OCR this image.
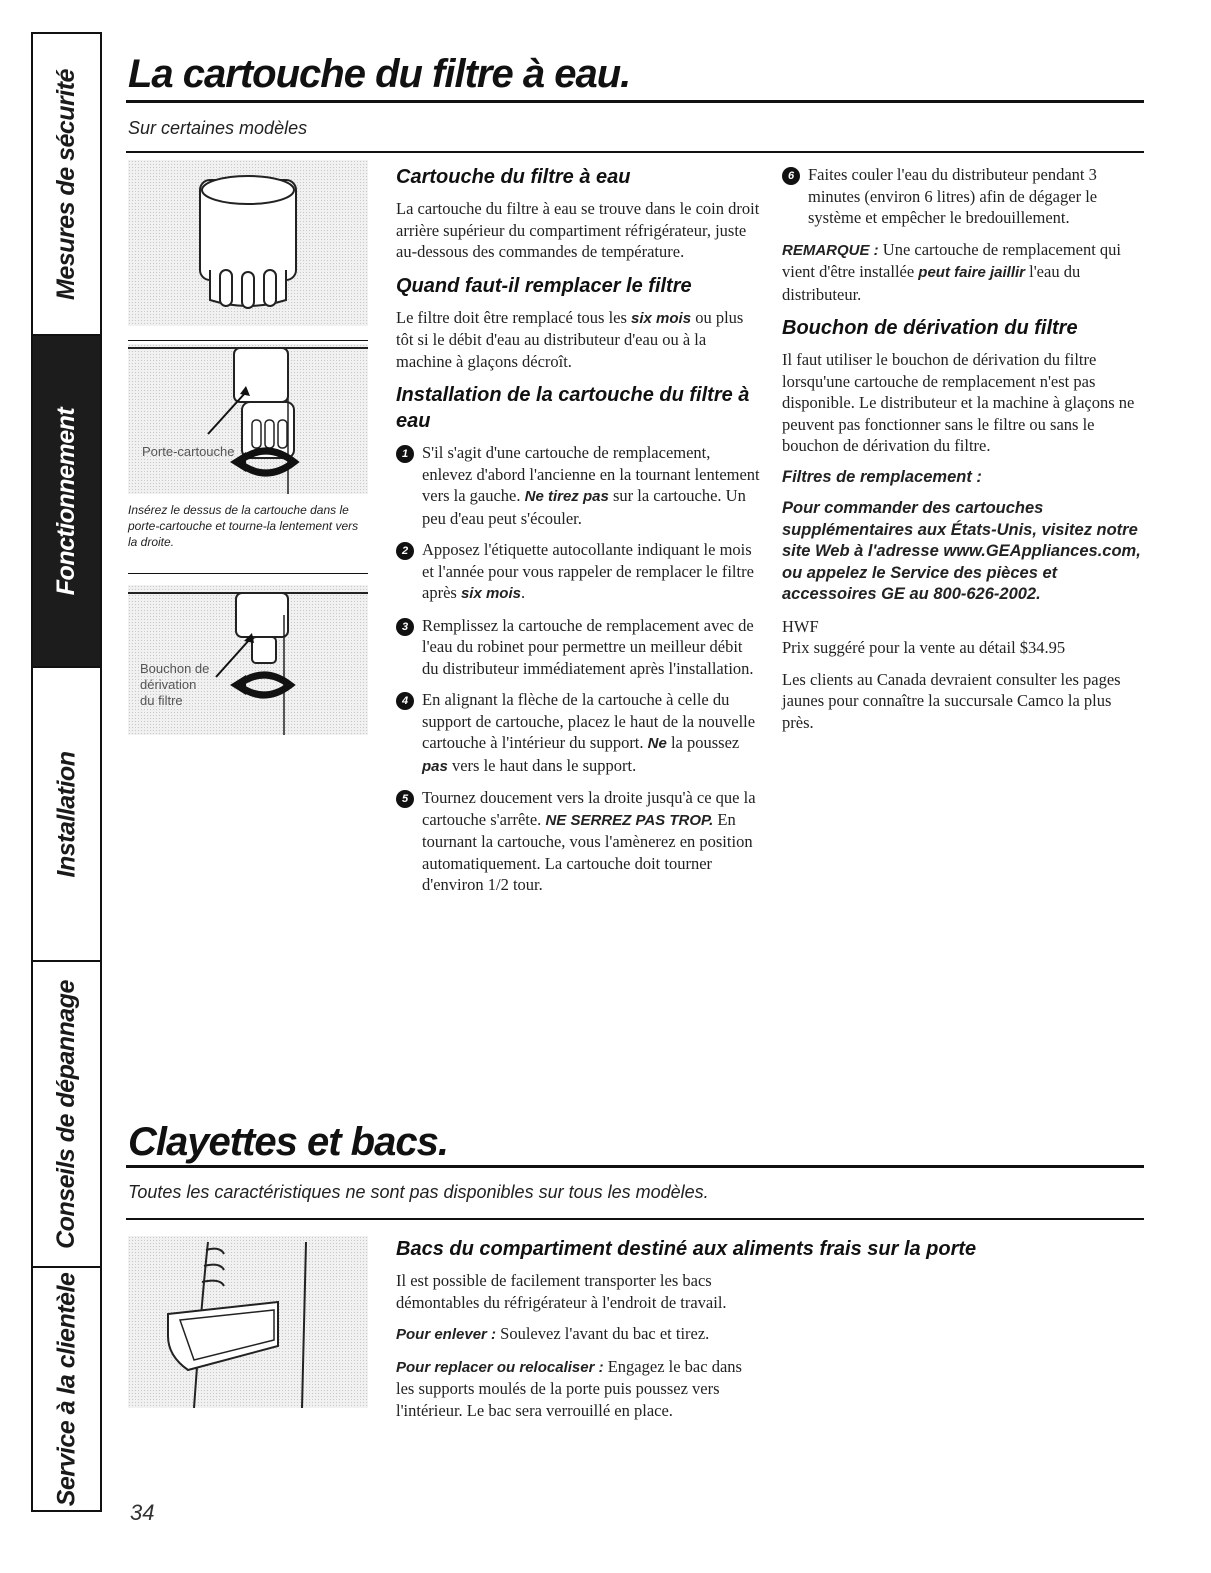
Mesures de sécurité
Fonctionnement
Installation
Conseils de dépannage
Service à la clientèle
La cartouche du filtre à eau.

Sur certaines modèles

Porte-cartouche
Insérez le dessus de la cartouche dans le porte-cartouche et tourne-la lentement vers la droite.
Bouchon de
dérivation
du filtre
Cartouche du filtre à eau

La cartouche du filtre à eau se trouve dans le coin droit arrière supérieur du compartiment réfrigérateur, juste au-dessous des commandes de température.

Quand faut-il remplacer le filtre

Le filtre doit être remplacé tous les six mois ou plus tôt si le débit d'eau au distributeur d'eau ou à la machine à glaçons décroît.

Installation de la cartouche du filtre à eau
1 S'il s'agit d'une cartouche de remplacement, enlevez d'abord l'ancienne en la tournant lentement vers la gauche. Ne tirez pas sur la cartouche. Un peu d'eau peut s'écouler.
2 Apposez l'étiquette autocollante indiquant le mois et l'année pour vous rappeler de remplacer le filtre après six mois.
3 Remplissez la cartouche de remplacement avec de l'eau du robinet pour permettre un meilleur débit du distributeur immédiatement après l'installation.
4 En alignant la flèche de la cartouche à celle du support de cartouche, placez le haut de la nouvelle cartouche à l'intérieur du support. Ne la poussez pas vers le haut dans le support.
5 Tournez doucement vers la droite jusqu'à ce que la cartouche s'arrête. NE SERREZ PAS TROP. En tournant la cartouche, vous l'amènerez en position automatiquement. La cartouche doit tourner d'environ 1/2 tour.
6 Faites couler l'eau du distributeur pendant 3 minutes (environ 6 litres) afin de dégager le système et empêcher le bredouillement.

REMARQUE : Une cartouche de remplacement qui vient d'être installée peut faire jaillir l'eau du distributeur.

Bouchon de dérivation du filtre

Il faut utiliser le bouchon de dérivation du filtre lorsqu'une cartouche de remplacement n'est pas disponible. Le distributeur et la machine à glaçons ne peuvent pas fonctionner sans le filtre ou sans le bouchon de dérivation du filtre.

Filtres de remplacement :

Pour commander des cartouches supplémentaires aux États-Unis, visitez notre site Web à l'adresse www.GEAppliances.com, ou appelez le Service des pièces et accessoires GE au 800-626-2002.

HWF

Prix suggéré pour la vente au détail $34.95

Les clients au Canada devraient consulter les pages jaunes pour connaître la succursale Camco la plus près.

Clayettes et bacs.

Toutes les caractéristiques ne sont pas disponibles sur tous les modèles.

Bacs du compartiment destiné aux aliments frais sur la porte

Il est possible de facilement transporter les bacs démontables du réfrigérateur à l'endroit de travail.

Pour enlever : Soulevez l'avant du bac et tirez.

Pour replacer ou relocaliser : Engagez le bac dans les supports moulés de la porte puis poussez vers l'intérieur. Le bac sera verrouillé en place.

34
